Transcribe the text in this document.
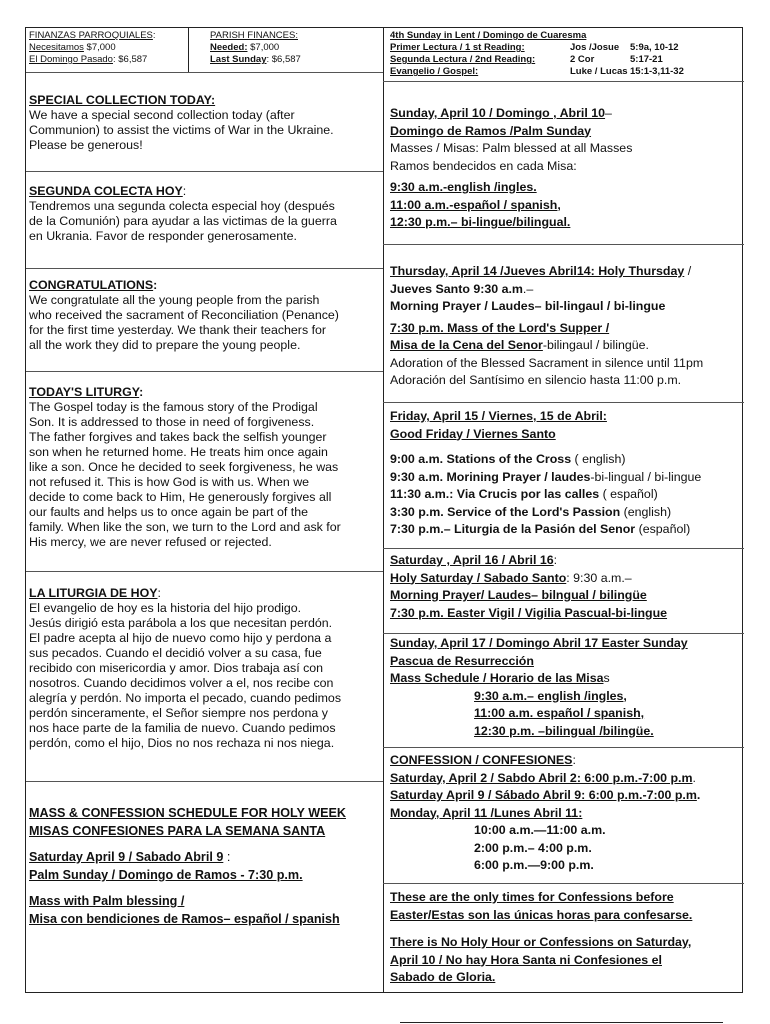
FINANZAS PARROQUIALES:
Necesitamos $7,000
El Domingo Pasado: $6,587
PARISH FINANCES:
Needed: $7,000
Last Sunday: $6,587
4th Sunday in Lent / Domingo de Cuaresma
Primer Lectura / 1 st Reading:	Jos /Josue 5:9a, 10-12
Segunda Lectura / 2nd Reading:	2 Cor	5:17-21
Evangelio / Gospel:	Luke / Lucas 15:1-3,11-32
SPECIAL COLLECTION TODAY:
We have a special second collection today (after
Communion) to assist the victims of War in the Ukraine.
Please be generous!
SEGUNDA COLECTA HOY:
Tendremos una segunda colecta especial hoy (después
de la Comunión) para ayudar a las victimas de la guerra
en Ukrania. Favor de responder generosamente.
CONGRATULATIONS:
We congratulate all the young people from the parish
who received the sacrament of Reconciliation (Penance)
for the first time yesterday. We thank their teachers for
all the work they did to prepare the young people.
TODAY'S LITURGY:
The Gospel today is the famous story of the Prodigal
Son. It is addressed to those in need of forgiveness.
The father forgives and takes back the selfish younger
son when he returned home. He treats him once again
like a son. Once he decided to seek forgiveness, he was
not refused it. This is how God is with us. When we
decide to come back to Him, He generously forgives all
our faults and helps us to once again be part of the
family. When like the son, we turn to the Lord and ask for
His mercy, we are never refused or rejected.
LA LITURGIA DE HOY:
El evangelio de hoy es la historia del hijo prodigo.
Jesús dirigió esta parábola a los que necesitan perdón.
El padre acepta al hijo de nuevo como hijo y perdona a
sus pecados. Cuando el decidió volver a su casa, fue
recibido con misericordia y amor. Dios trabaja así con
nosotros. Cuando decidimos volver a el, nos recibe con
alegría y perdón. No importa el pecado, cuando pedimos
perdón sinceramente, el Señor siempre nos perdona y
nos hace parte de la familia de nuevo. Cuando pedimos
perdón, como el hijo, Dios no nos rechaza ni nos niega.
MASS & CONFESSION SCHEDULE FOR HOLY WEEK
MISAS CONFESIONES PARA LA SEMANA SANTA
Saturday April 9 / Sabado Abril 9 :
Palm Sunday / Domingo de Ramos - 7:30 p.m.
Mass with Palm blessing /
Misa con bendiciones de Ramos– español / spanish
Sunday, April 10 / Domingo , Abril 10–
Domingo de Ramos /Palm Sunday
Masses / Misas: Palm blessed at all Masses
Ramos bendecidos en cada Misa:
9:30 a.m.-english /ingles.
11:00 a.m.-español / spanish,
12:30 p.m.– bi-lingue/bilingual.
Thursday, April 14 /Jueves Abril14: Holy Thursday /
Jueves Santo 9:30 a.m.–
Morning Prayer / Laudes– bil-lingaul / bi-lingue
7:30 p.m. Mass of the Lord's Supper /
Misa de la Cena del Senor-bilingaul / bilingüe.
Adoration of the Blessed Sacrament in silence until 11pm
Adoración del Santísimo en silencio hasta 11:00 p.m.
Friday, April 15 / Viernes, 15 de Abril:
Good Friday / Viernes Santo
9:00 a.m. Stations of the Cross ( english)
9:30 a.m. Morining Prayer / laudes-bi-lingual / bi-lingue
11:30 a.m.: Via Crucis por las calles ( español)
3:30 p.m. Service of the Lord's Passion (english)
7:30 p.m.– Liturgia de la Pasión del Senor (español)
Saturday , April 16 / Abril 16:
Holy Saturday / Sabado Santo: 9:30 a.m.–
Morning Prayer/ Laudes– bilngual / bilingüe
7:30 p.m. Easter Vigil / Vigilia Pascual-bi-lingue
Sunday, April 17 / Domingo Abril 17 Easter Sunday
Pascua de Resurrección
Mass Schedule / Horario de las Misas
9:30 a.m.– english /ingles,
11:00 a.m. español / spanish,
12:30 p.m. –bilingual /bilingüe.
CONFESSION / CONFESIONES:
Saturday, April 2 / Sabdo Abril 2: 6:00 p.m.-7:00 p.m.
Saturday April 9 / Sábado Abril 9: 6:00 p.m.-7:00 p.m.
Monday, April 11 /Lunes Abril 11:
10:00 a.m.—11:00 a.m.
2:00 p.m.– 4:00 p.m.
6:00 p.m.—9:00 p.m.
These are the only times for Confessions before
Easter/Estas son las únicas horas para confesarse.
There is No Holy Hour or Confessions on Saturday,
April 10 / No hay Hora Santa ni Confesiones el
Sabado de Gloria.
